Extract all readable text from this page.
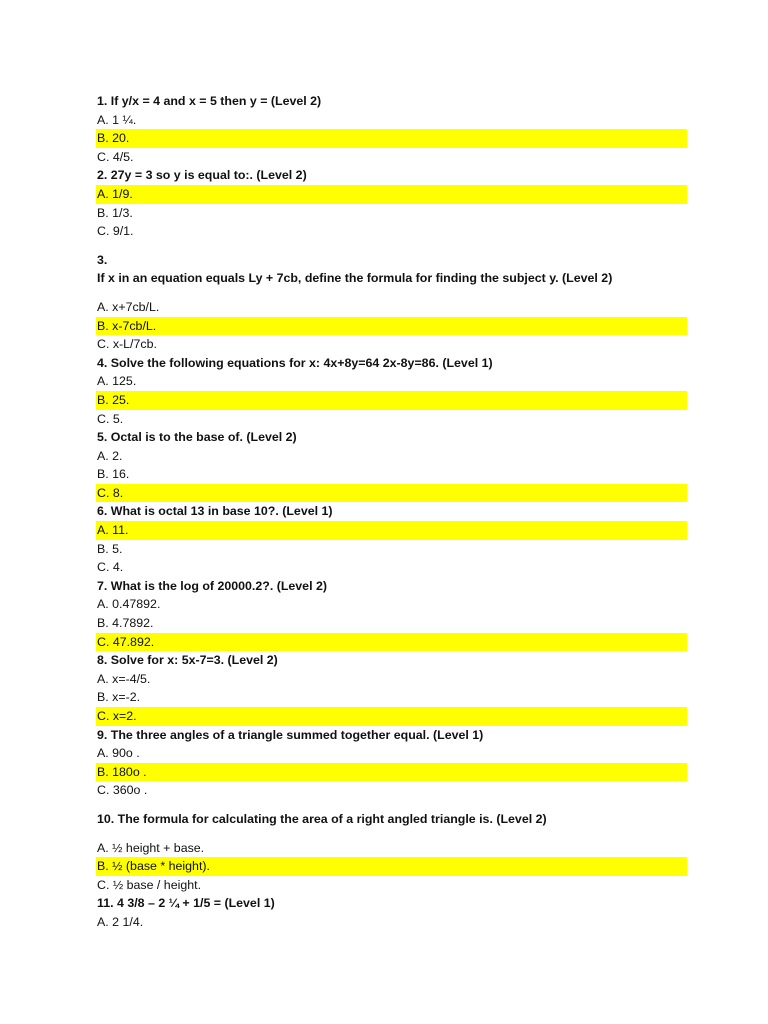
1. If y/x = 4 and x = 5 then y = (Level 2)
A. 1 ¼.
B. 20.
C. 4/5.
2. 27y = 3 so y is equal to:. (Level 2)
A. 1/9.
B. 1/3.
C. 9/1.
3.
If x in an equation equals Ly + 7cb, define the formula for finding the subject y. (Level 2)
A. x+7cb/L.
B. x-7cb/L.
C. x-L/7cb.
4. Solve the following equations for x: 4x+8y=64 2x-8y=86. (Level 1)
A. 125.
B. 25.
C. 5.
5. Octal is to the base of. (Level 2)
A. 2.
B. 16.
C. 8.
6. What is octal 13 in base 10?. (Level 1)
A. 11.
B. 5.
C. 4.
7. What is the log of 20000.2?. (Level 2)
A. 0.47892.
B. 4.7892.
C. 47.892.
8. Solve for x: 5x-7=3. (Level 2)
A. x=-4/5.
B. x=-2.
C. x=2.
9. The three angles of a triangle summed together equal. (Level 1)
A. 90o .
B. 180o .
C. 360o .
10. The formula for calculating the area of a right angled triangle is. (Level 2)
A. ½ height + base.
B. ½ (base * height).
C. ½ base / height.
11. 4 3/8 – 2 ¼ + 1/5 = (Level 1)
A. 2 1/4.
